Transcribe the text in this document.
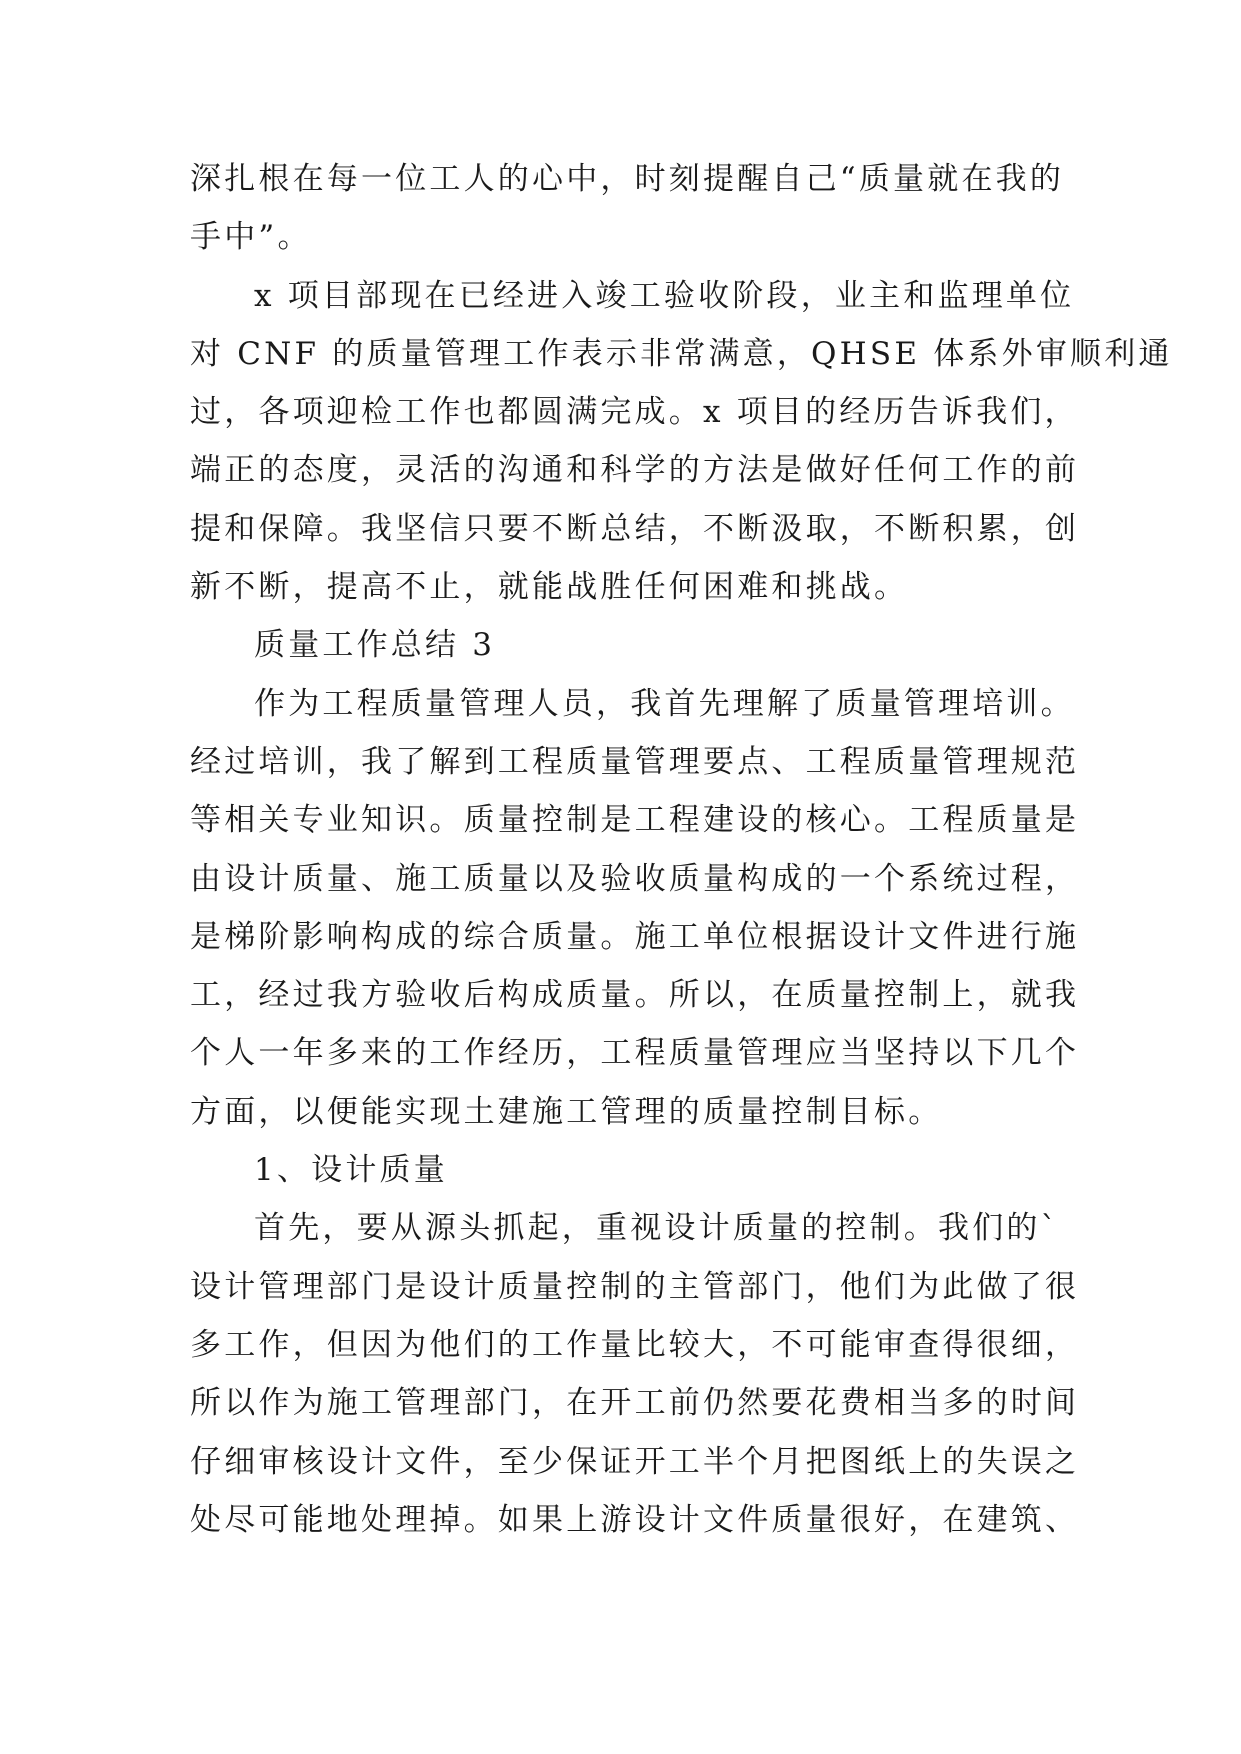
深扎根在每一位工人的心中，时刻提醒自己“质量就在我的
手中”。
x 项目部现在已经进入竣工验收阶段，业主和监理单位
对 CNF 的质量管理工作表示非常满意，QHSE 体系外审顺利通
过，各项迎检工作也都圆满完成。x 项目的经历告诉我们，
端正的态度，灵活的沟通和科学的方法是做好任何工作的前
提和保障。我坚信只要不断总结，不断汲取，不断积累，创
新不断，提高不止，就能战胜任何困难和挑战。
质量工作总结 3
作为工程质量管理人员，我首先理解了质量管理培训。
经过培训，我了解到工程质量管理要点、工程质量管理规范
等相关专业知识。质量控制是工程建设的核心。工程质量是
由设计质量、施工质量以及验收质量构成的一个系统过程，
是梯阶影响构成的综合质量。施工单位根据设计文件进行施
工，经过我方验收后构成质量。所以，在质量控制上，就我
个人一年多来的工作经历，工程质量管理应当坚持以下几个
方面，以便能实现土建施工管理的质量控制目标。
1、设计质量
首先，要从源头抓起，重视设计质量的控制。我们的`
设计管理部门是设计质量控制的主管部门，他们为此做了很
多工作，但因为他们的工作量比较大，不可能审查得很细，
所以作为施工管理部门，在开工前仍然要花费相当多的时间
仔细审核设计文件，至少保证开工半个月把图纸上的失误之
处尽可能地处理掉。如果上游设计文件质量很好，在建筑、
